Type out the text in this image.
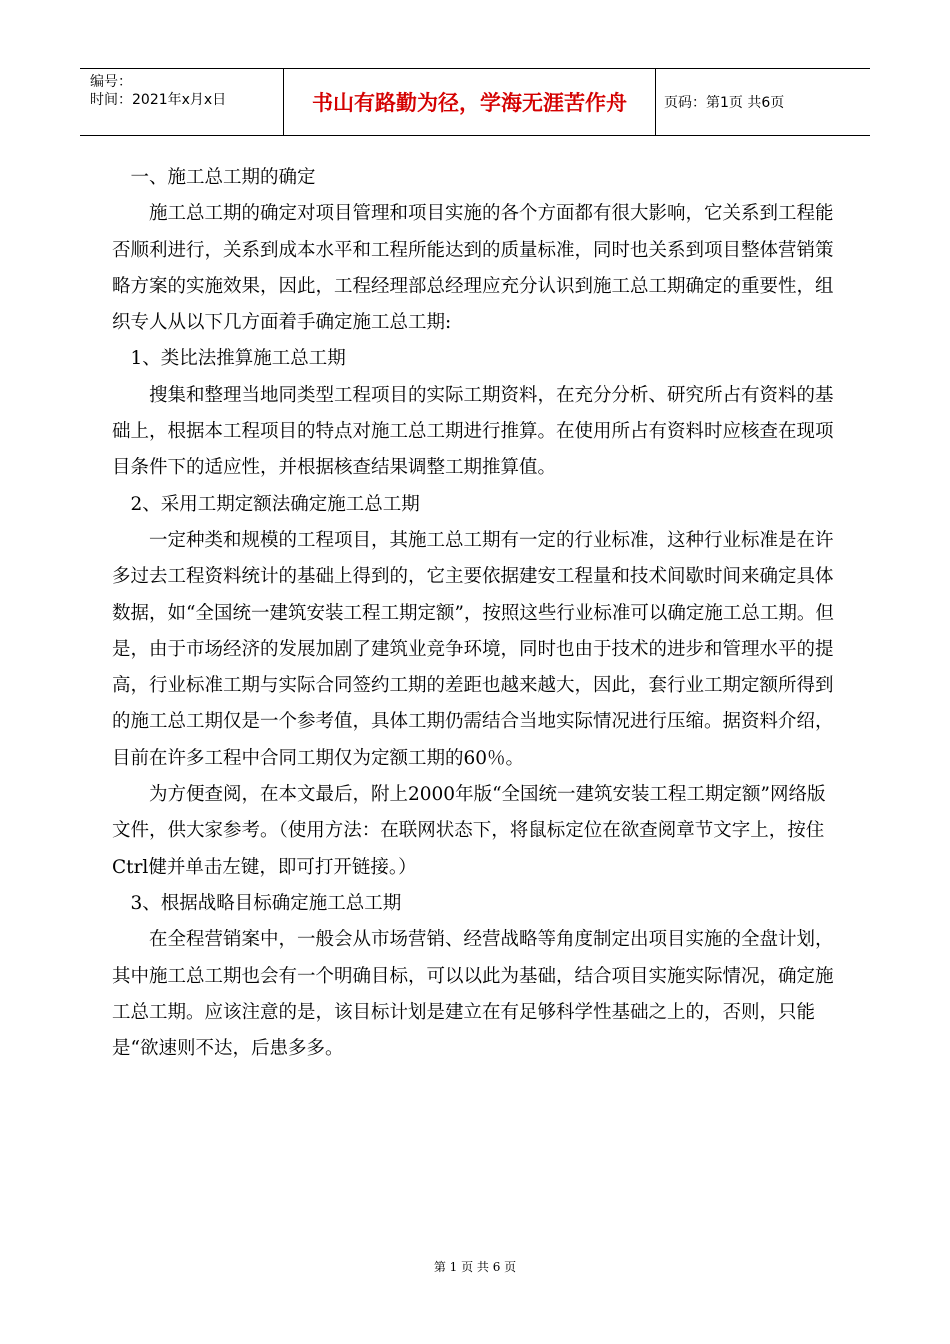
编号：
时间：2021年x月x日	书山有路勤为径，学海无涯苦作舟	页码：第1页 共6页

一、施工总工期的确定

施工总工期的确定对项目管理和项目实施的各个方面都有很大影响，它关系到工程能否顺利进行，关系到成本水平和工程所能达到的质量标准，同时也关系到项目整体营销策略方案的实施效果，因此，工程经理部总经理应充分认识到施工总工期确定的重要性，组织专人从以下几方面着手确定施工总工期:

1、类比法推算施工总工期

搜集和整理当地同类型工程项目的实际工期资料，在充分分析、研究所占有资料的基础上，根据本工程项目的特点对施工总工期进行推算。在使用所占有资料时应核查在现项目条件下的适应性，并根据核查结果调整工期推算值。

2、采用工期定额法确定施工总工期

一定种类和规模的工程项目，其施工总工期有一定的行业标准，这种行业标准是在许多过去工程资料统计的基础上得到的，它主要依据建安工程量和技术间歇时间来确定具体数据，如“全国统一建筑安装工程工期定额”，按照这些行业标准可以确定施工总工期。但是，由于市场经济的发展加剧了建筑业竞争环境，同时也由于技术的进步和管理水平的提高，行业标准工期与实际合同签约工期的差距也越来越大，因此，套行业工期定额所得到的施工总工期仅是一个参考值，具体工期仍需结合当地实际情况进行压缩。据资料介绍，目前在许多工程中合同工期仅为定额工期的60％。

为方便查阅，在本文最后，附上2000年版“全国统一建筑安装工程工期定额”网络版文件，供大家参考。（使用方法：在联网状态下，将鼠标定位在欲查阅章节文字上，按住Ctrl健并单击左键，即可打开链接。）

3、根据战略目标确定施工总工期

在全程营销案中，一般会从市场营销、经营战略等角度制定出项目实施的全盘计划，其中施工总工期也会有一个明确目标，可以以此为基础，结合项目实施实际情况，确定施工总工期。应该注意的是，该目标计划是建立在有足够科学性基础之上的，否则，只能是“欲速则不达，后患多多。

第 1 页 共 6 页
